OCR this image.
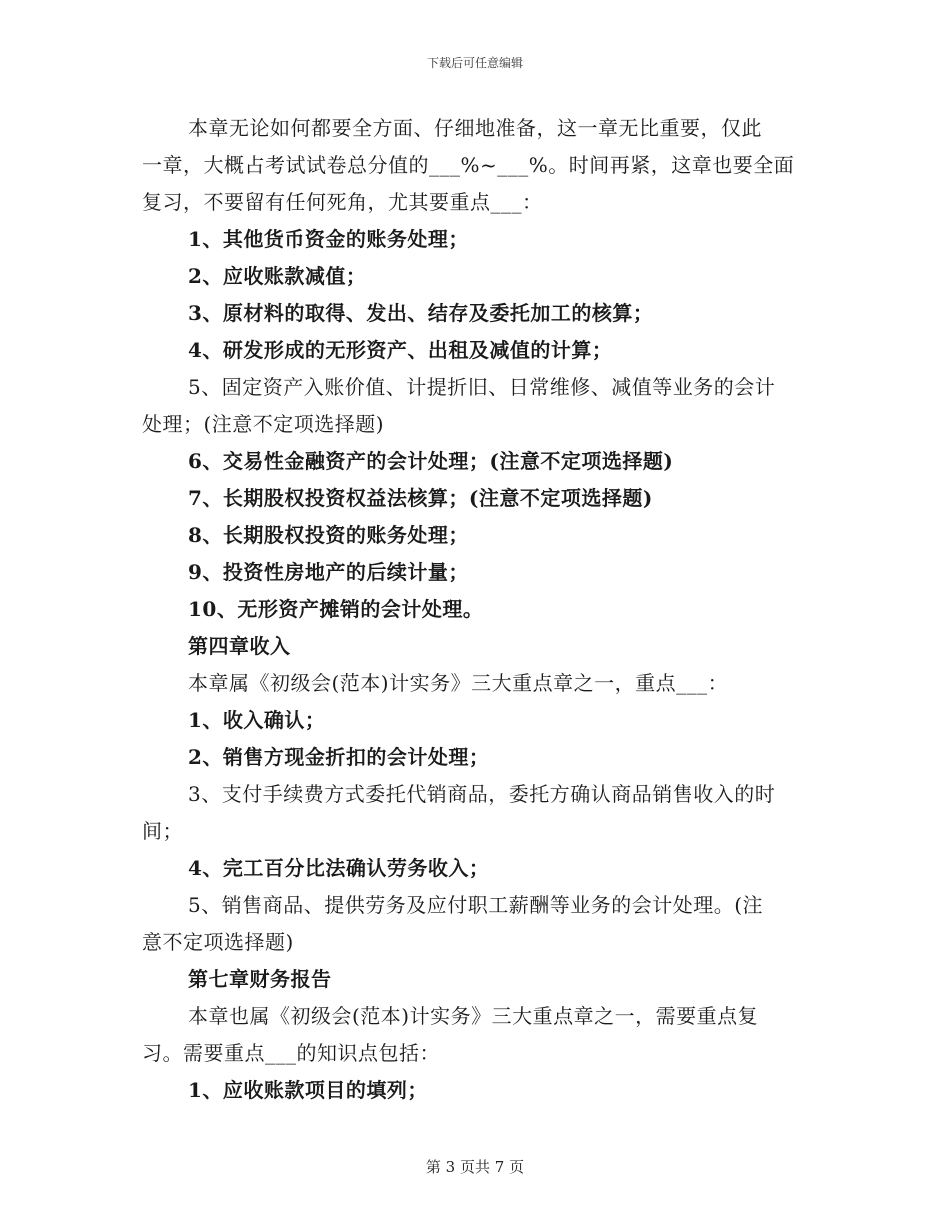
下载后可任意编辑
本章无论如何都要全方面、仔细地准备，这一章无比重要，仅此
一章，大概占考试试卷总分值的___%~___%。时间再紧，这章也要全面
复习，不要留有任何死角，尤其要重点___：
1、其他货币资金的账务处理；
2、应收账款减值；
3、原材料的取得、发出、结存及委托加工的核算；
4、研发形成的无形资产、出租及减值的计算；
5、固定资产入账价值、计提折旧、日常维修、减值等业务的会计
处理；(注意不定项选择题)
6、交易性金融资产的会计处理；(注意不定项选择题)
7、长期股权投资权益法核算；(注意不定项选择题)
8、长期股权投资的账务处理；
9、投资性房地产的后续计量；
10、无形资产摊销的会计处理。
第四章收入
本章属《初级会(范本)计实务》三大重点章之一，重点___：
1、收入确认；
2、销售方现金折扣的会计处理；
3、支付手续费方式委托代销商品，委托方确认商品销售收入的时
间；
4、完工百分比法确认劳务收入；
5、销售商品、提供劳务及应付职工薪酬等业务的会计处理。(注
意不定项选择题)
第七章财务报告
本章也属《初级会(范本)计实务》三大重点章之一，需要重点复
习。需要重点___的知识点包括：
1、应收账款项目的填列；
第 3 页共 7 页
